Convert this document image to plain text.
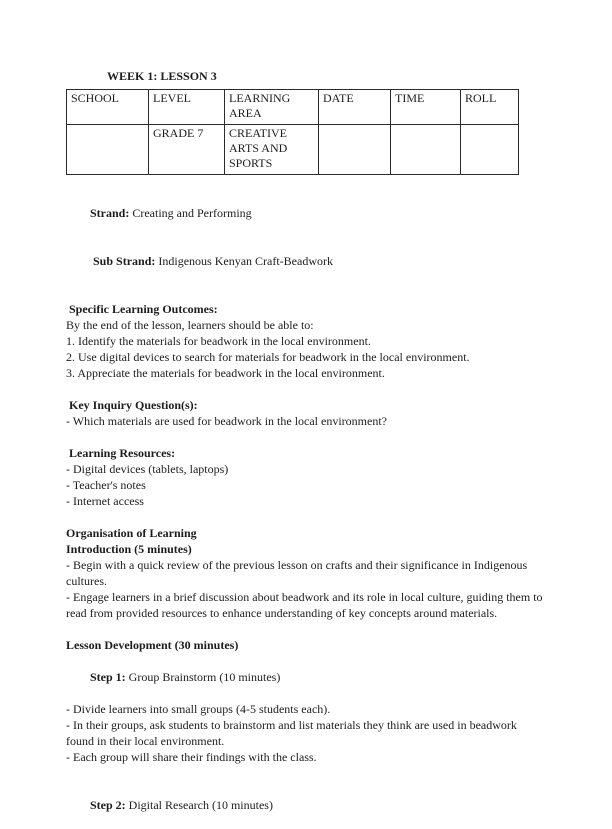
WEEK 1: LESSON 3
SCHOOL	LEVEL	LEARNING AREA	DATE	TIME	ROLL
	GRADE 7	CREATIVE ARTS AND SPORTS			

Strand: Creating and Performing

Sub Strand: Indigenous Kenyan Craft-Beadwork

Specific Learning Outcomes:
By the end of the lesson, learners should be able to:
1. Identify the materials for beadwork in the local environment.
2. Use digital devices to search for materials for beadwork in the local environment.
3. Appreciate the materials for beadwork in the local environment.
Key Inquiry Question(s):
- Which materials are used for beadwork in the local environment?
Learning Resources:
- Digital devices (tablets, laptops)
- Teacher's notes
- Internet access
Organisation of Learning
Introduction (5 minutes)
- Begin with a quick review of the previous lesson on crafts and their significance in Indigenous cultures.
- Engage learners in a brief discussion about beadwork and its role in local culture, guiding them to read from provided resources to enhance understanding of key concepts around materials.
Lesson Development (30 minutes)

Step 1: Group Brainstorm (10 minutes)

- Divide learners into small groups (4-5 students each).
- In their groups, ask students to brainstorm and list materials they think are used in beadwork found in their local environment.
- Each group will share their findings with the class.

Step 2: Digital Research (10 minutes)
